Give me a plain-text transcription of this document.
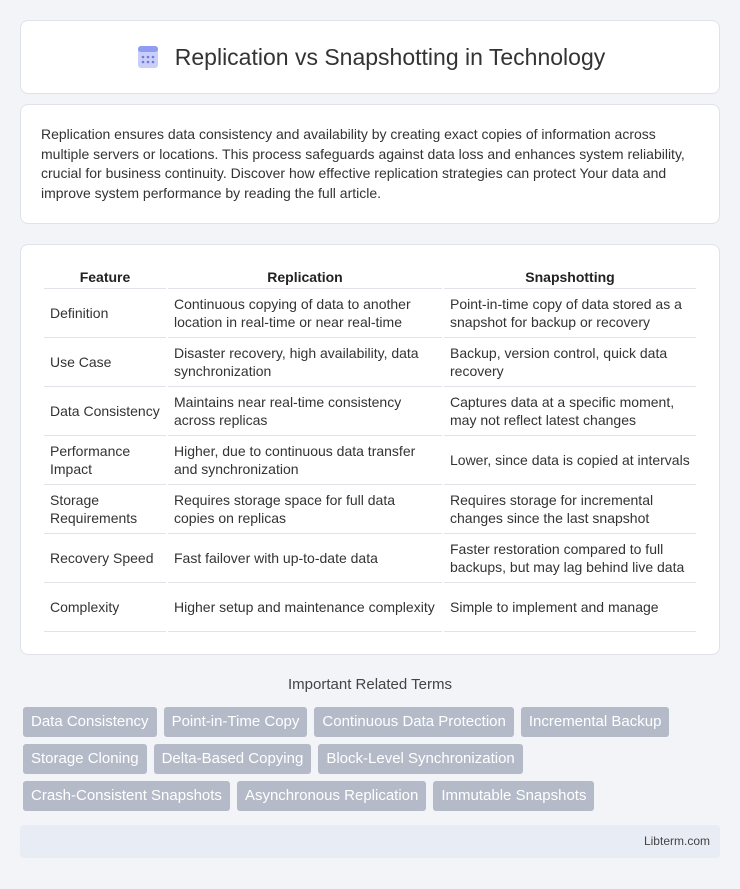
Replication vs Snapshotting in Technology

Replication ensures data consistency and availability by creating exact copies of information across multiple servers or locations. This process safeguards against data loss and enhances system reliability, crucial for business continuity. Discover how effective replication strategies can protect Your data and improve system performance by reading the full article.

Feature	Replication	Snapshotting
Definition	Continuous copying of data to another location in real-time or near real-time	Point-in-time copy of data stored as a snapshot for backup or recovery
Use Case	Disaster recovery, high availability, data synchronization	Backup, version control, quick data recovery
Data Consistency	Maintains near real-time consistency across replicas	Captures data at a specific moment, may not reflect latest changes
Performance Impact	Higher, due to continuous data transfer and synchronization	Lower, since data is copied at intervals
Storage Requirements	Requires storage space for full data copies on replicas	Requires storage for incremental changes since the last snapshot
Recovery Speed	Fast failover with up-to-date data	Faster restoration compared to full backups, but may lag behind live data
Complexity	Higher setup and maintenance complexity	Simple to implement and manage
Important Related Terms
Data Consistency	Point-in-Time Copy	Continuous Data Protection	Incremental Backup
Storage Cloning	Delta-Based Copying	Block-Level Synchronization
Crash-Consistent Snapshots	Asynchronous Replication	Immutable Snapshots
Libterm.com
